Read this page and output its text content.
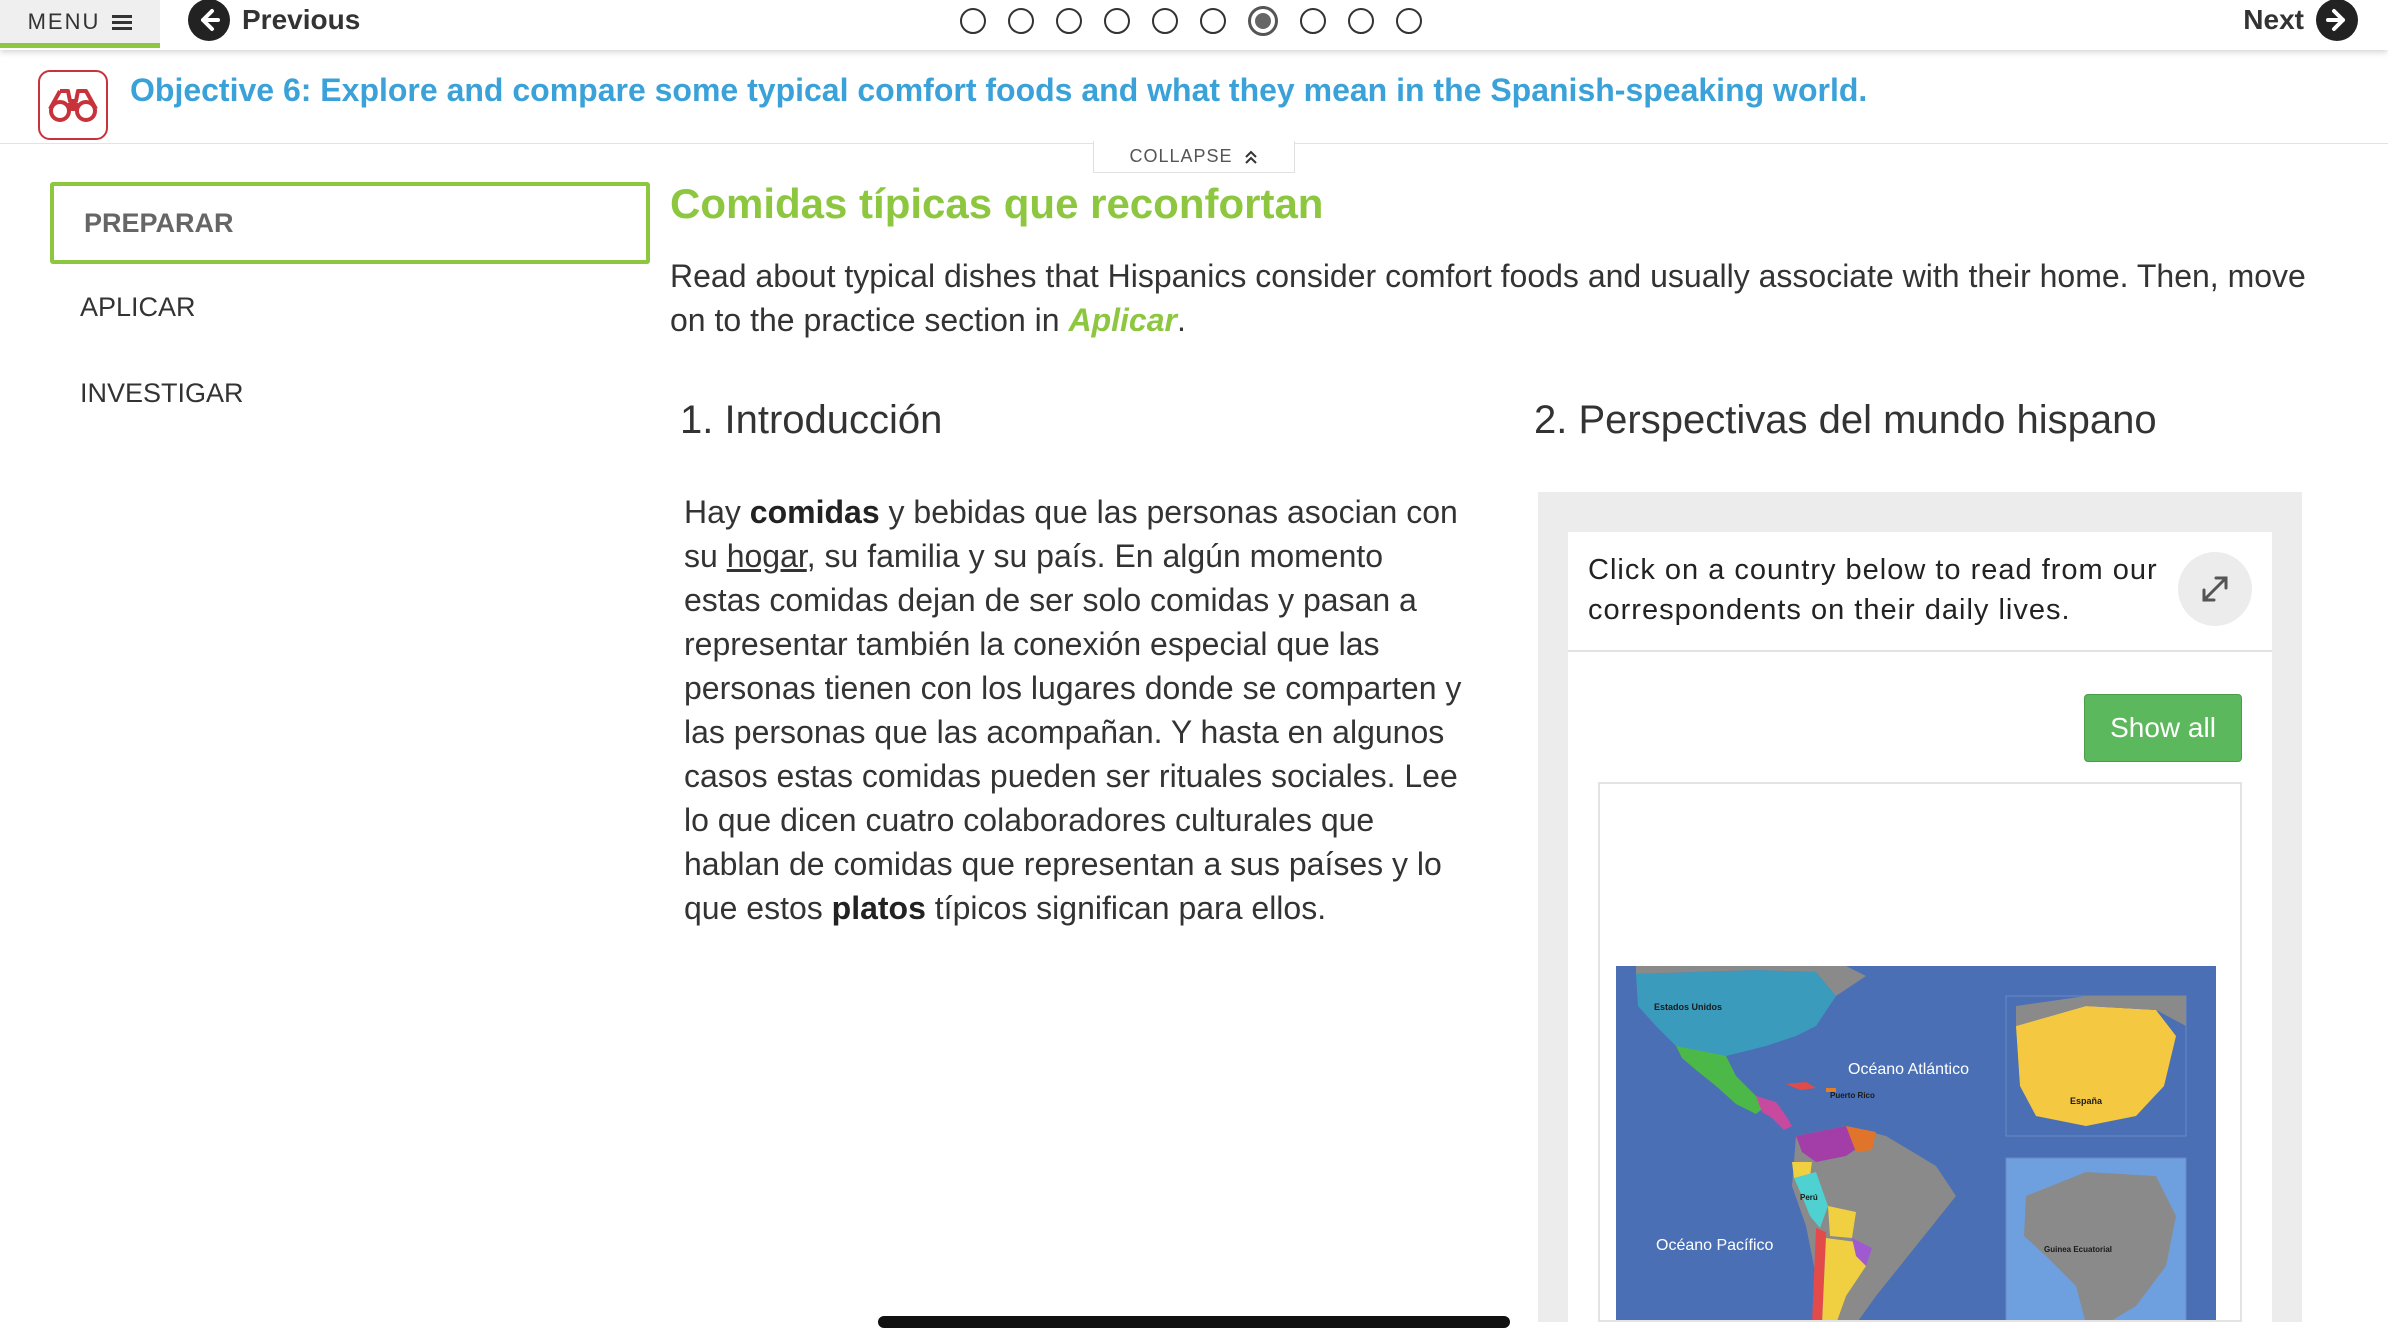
MENU	Previous	Next
Objective 6: Explore and compare some typical comfort foods and what they mean in the Spanish-speaking world.
COLLAPSE
PREPARAR
APLICAR
INVESTIGAR
Comidas típicas que reconfortan
Read about typical dishes that Hispanics consider comfort foods and usually associate with their home. Then, move on to the practice section in Aplicar.
1. Introducción
Hay comidas y bebidas que las personas asocian con su hogar, su familia y su país. En algún momento estas comidas dejan de ser solo comidas y pasan a representar también la conexión especial que las personas tienen con los lugares donde se comparten y las personas que las acompañan. Y hasta en algunos casos estas comidas pueden ser rituales sociales. Lee lo que dicen cuatro colaboradores culturales que hablan de comidas que representan a sus países y lo que estos platos típicos significan para ellos.
2. Perspectivas del mundo hispano
Click on a country below to read from our correspondents on their daily lives.
Show all
Estados Unidos
Océano Atlántico
Puerto Rico
España
Perú
Océano Pacífico	Guinea Ecuatorial
